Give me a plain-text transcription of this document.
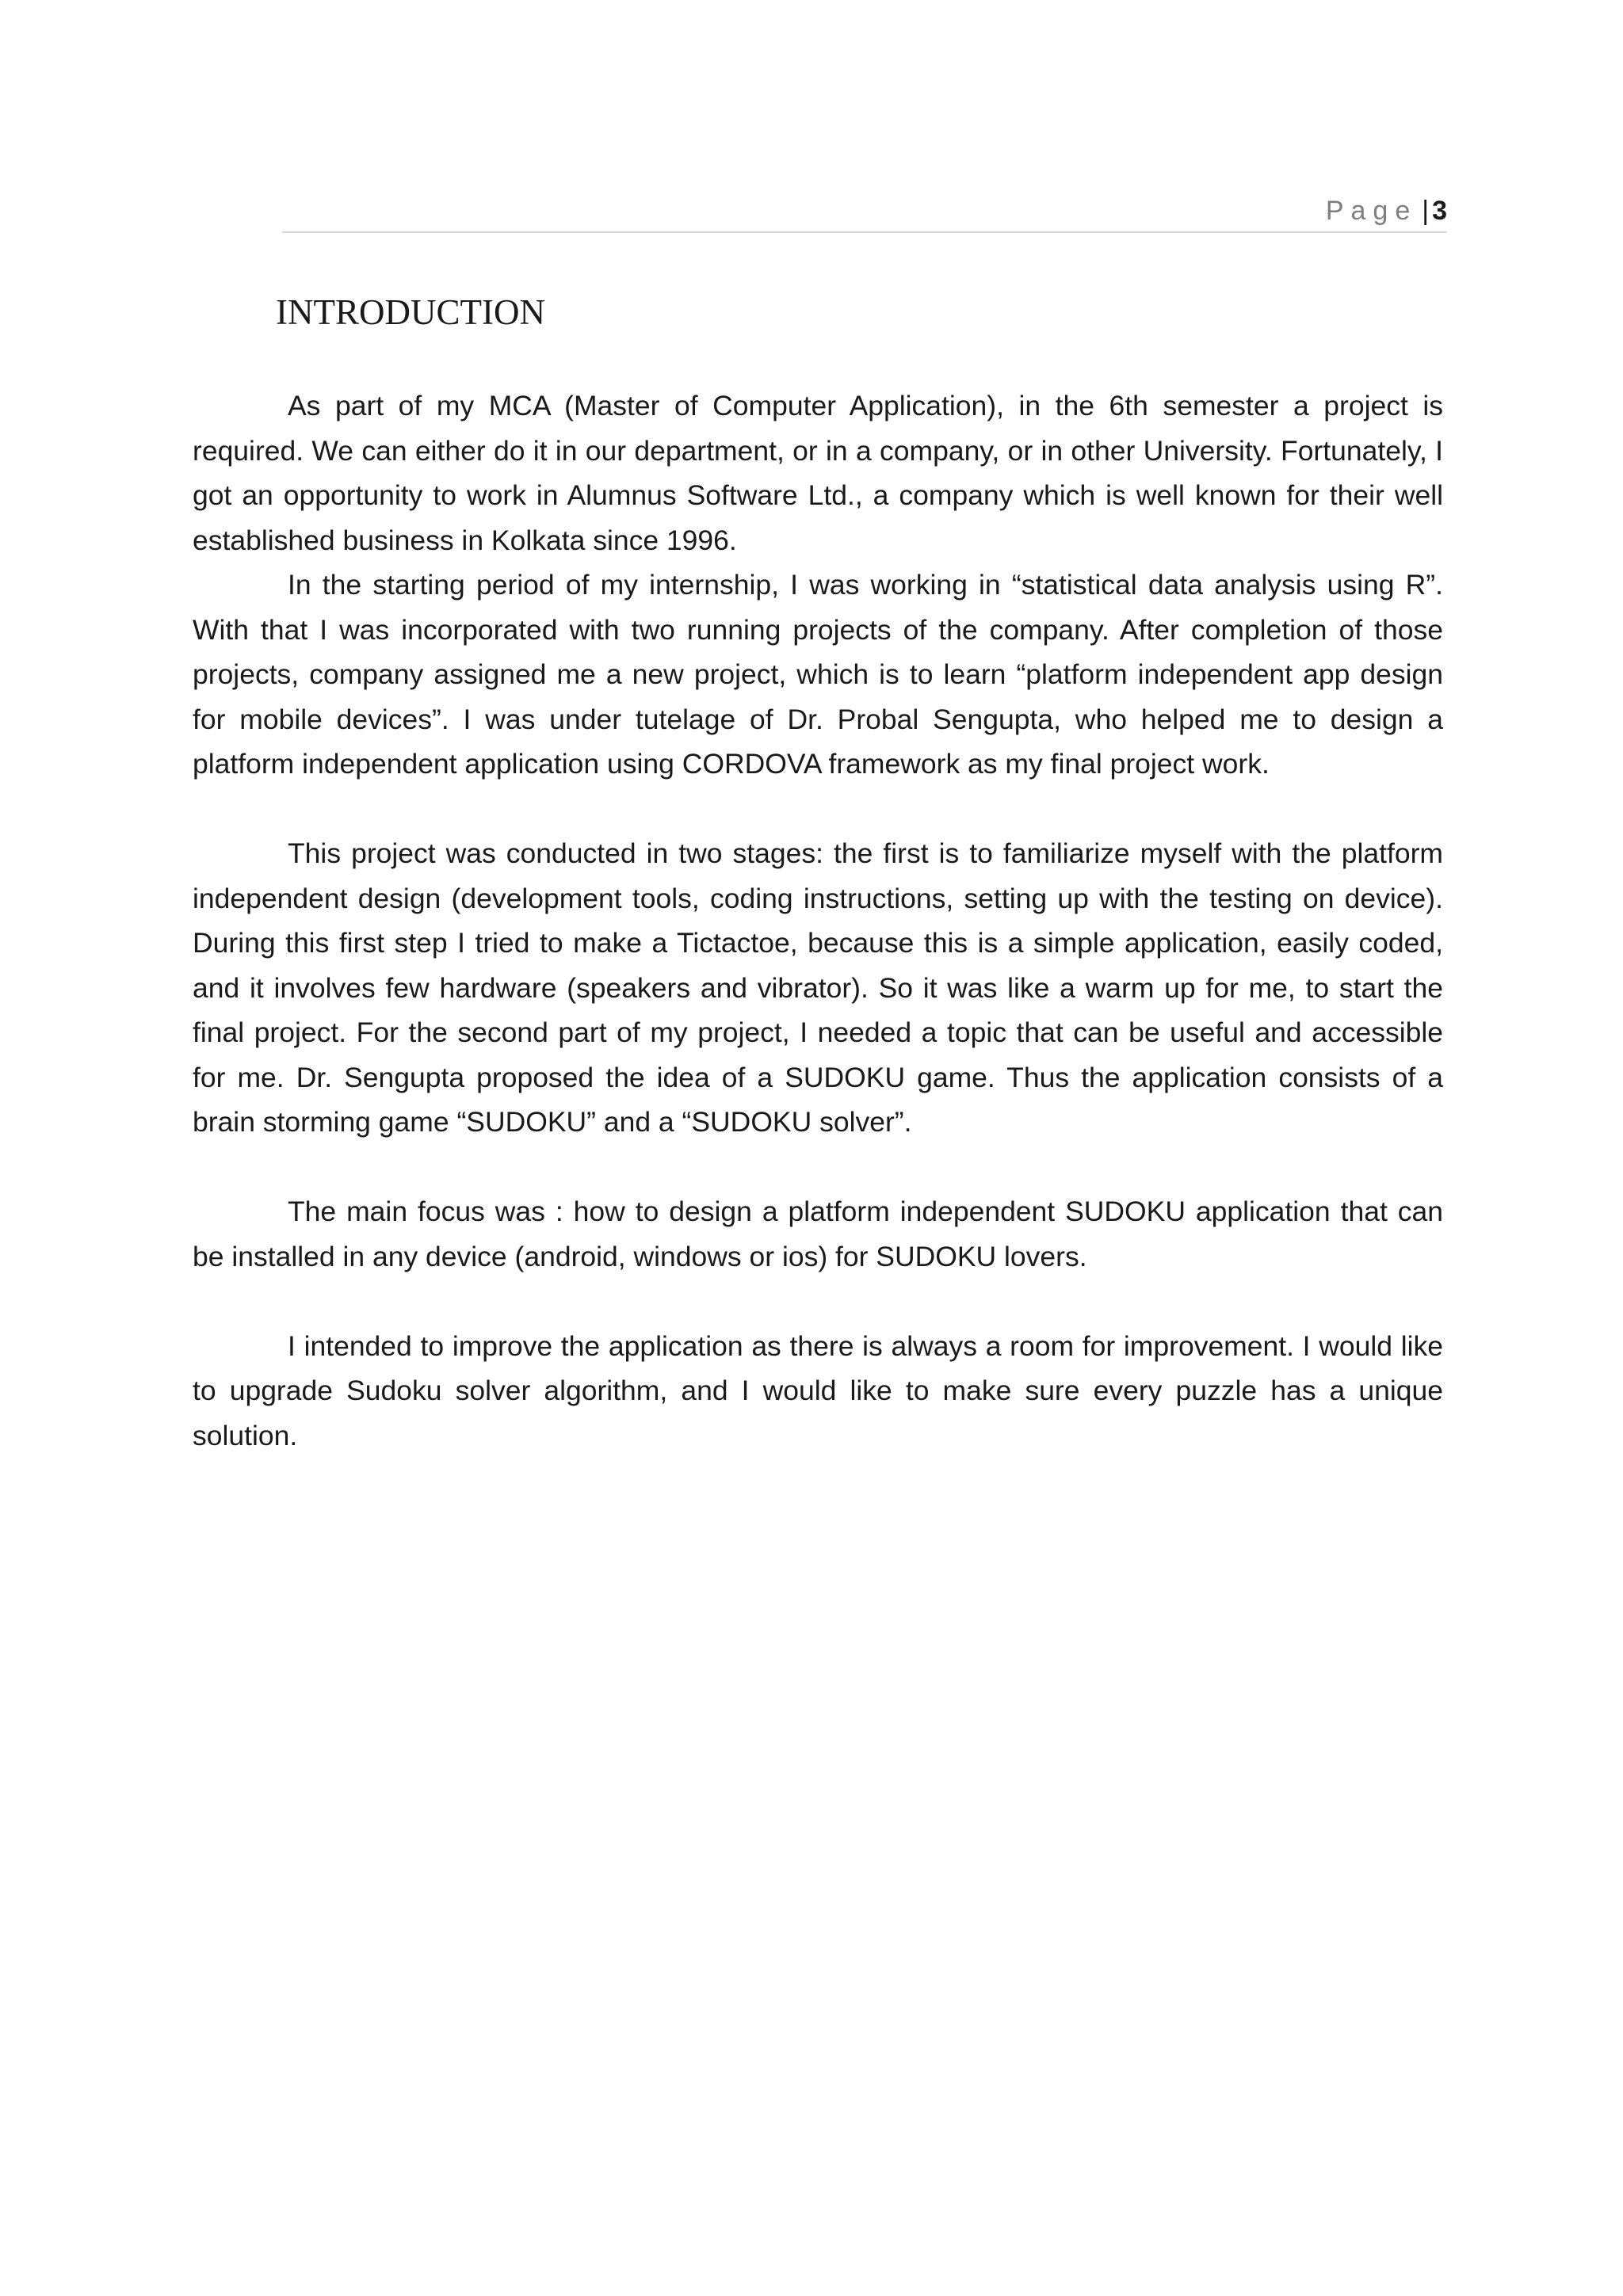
Page | 3
INTRODUCTION

As part of my MCA (Master of Computer Application), in the 6th semester a project is required. We can either do it in our department, or in a company, or in other University. Fortunately, I got an opportunity to work in Alumnus Software Ltd., a company which is well known for their well established business in Kolkata since 1996.

In the starting period of my internship, I was working in “statistical data analysis using R”. With that I was incorporated with two running projects of the company. After completion of those projects, company assigned me a new project, which is to learn “platform independent app design for mobile devices”. I was under tutelage of Dr. Probal Sengupta, who helped me to design a platform independent application using CORDOVA framework as my final project work.

This project was conducted in two stages: the first is to familiarize myself with the platform independent design (development tools, coding instructions, setting up with the testing on device). During this first step I tried to make a Tictactoe, because this is a simple application, easily coded, and it involves few hardware (speakers and vibrator). So it was like a warm up for me, to start the final project. For the second part of my project, I needed a topic that can be useful and accessible for me. Dr. Sengupta proposed the idea of a SUDOKU game. Thus the application consists of a brain storming game “SUDOKU” and a “SUDOKU solver”.

The main focus was : how to design a platform independent SUDOKU application that can be installed in any device (android, windows or ios) for SUDOKU lovers.

I intended to improve the application as there is always a room for improvement. I would like to upgrade Sudoku solver algorithm, and I would like to make sure every puzzle has a unique solution.
